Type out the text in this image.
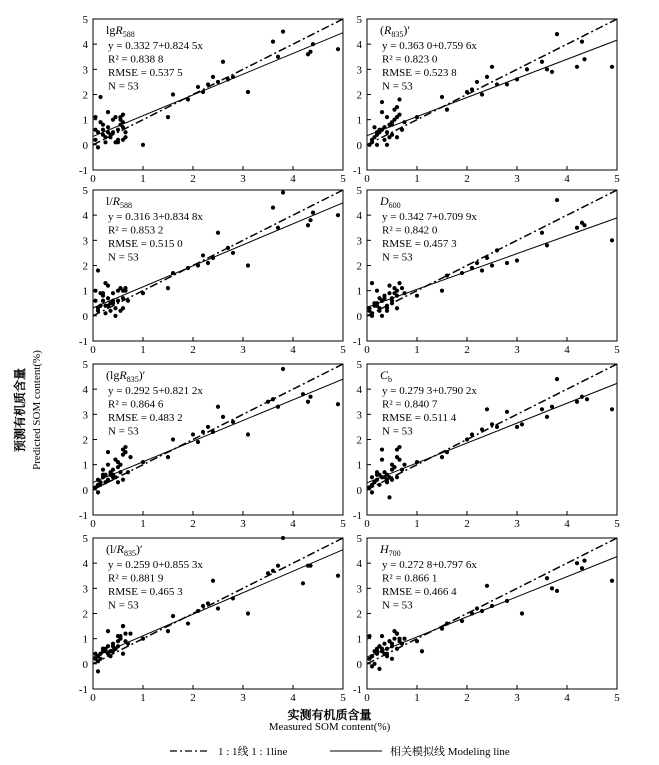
-1
0
1
2
3
4
5
0	1	2	3	4	5
lgR$_{588}$
y = 0.332 7+0.824 5x
R² = 0.838 8
RMSE = 0.537 5
N = 53
-1
0
1
2
3
4
5
0	1	2	3	4	5
$(R_{835})'$
y = 0.363 0+0.759 6x
R² = 0.823 0
RMSE = 0.523 8
N = 53
-1
0
1
2
3
4
5
0	1	2	3	4	5
$l/R_{588}$
y = 0.316 3+0.834 8x
R² = 0.853 2
RMSE = 0.515 0
N = 53
-1
0
1
2
3
4
5
0	1	2	3	4	5
$D_{600}$
y = 0.342 7+0.709 9x
R² = 0.842 0
RMSE = 0.457 3
N = 53
-1
0
1
2
3
4
5
0	1	2	3	4	5
(lgR$_{835}$)′
y = 0.292 5+0.821 2x
R² = 0.864 6
RMSE = 0.483 2
N = 53
-1
0
1
2
3
4
5
0	1	2	3	4	5
$C_b$
y = 0.279 3+0.790 2x
R² = 0.840 7
RMSE = 0.511 4
N = 53
-1
0
1
2
3
4
5
0	1	2	3	4	5
$(l/R_{835})'$
y = 0.259 0+0.855 3x
R² = 0.881 9
RMSE = 0.465 3
N = 53
-1
0
1
2
3
4
5
0	1	2	3	4	5
$H_{700}$
y = 0.272 8+0.797 6x
R² = 0.866 1
RMSE = 0.466 4
N = 53
预测有机质含量 Predicted SOM content(%)
实测有机质含量
Measured SOM content(%)
1 : 1线 1 : 1line	相关模拟线 Modeling line
